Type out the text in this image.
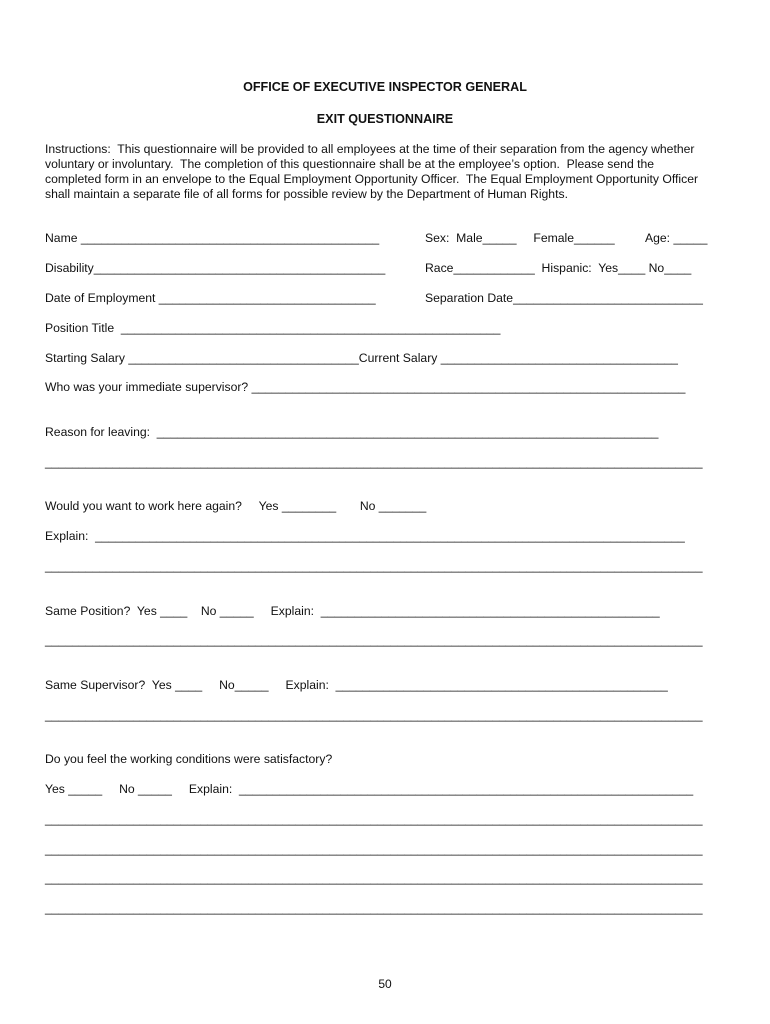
OFFICE OF EXECUTIVE INSPECTOR GENERAL
EXIT QUESTIONNAIRE
Instructions:  This questionnaire will be provided to all employees at the time of their separation from the agency whether
voluntary or involuntary.  The completion of this questionnaire shall be at the employee’s option.  Please send the
completed form in an envelope to the Equal Employment Opportunity Officer.  The Equal Employment Opportunity Officer
shall maintain a separate file of all forms for possible review by the Department of Human Rights.
Name ____________________________________________	Sex:  Male_____     Female______ Age: _____
Disability___________________________________________	Race____________  Hispanic:  Yes____ No____
Date of Employment ________________________________	Separation Date____________________________
Position Title  ________________________________________________________
Starting Salary __________________________________Current Salary ___________________________________
Who was your immediate supervisor? ________________________________________________________________
Reason for leaving:  __________________________________________________________________________
_________________________________________________________________________________________________
Would you want to work here again?     Yes ________       No _______
Explain:  _______________________________________________________________________________________
_________________________________________________________________________________________________
Same Position?  Yes ____    No _____     Explain:  __________________________________________________
_________________________________________________________________________________________________
Same Supervisor?  Yes ____     No_____     Explain:  _________________________________________________
_________________________________________________________________________________________________
Do you feel the working conditions were satisfactory?
Yes _____     No _____     Explain:  ___________________________________________________________________
_________________________________________________________________________________________________
_________________________________________________________________________________________________
_________________________________________________________________________________________________
_________________________________________________________________________________________________
50
